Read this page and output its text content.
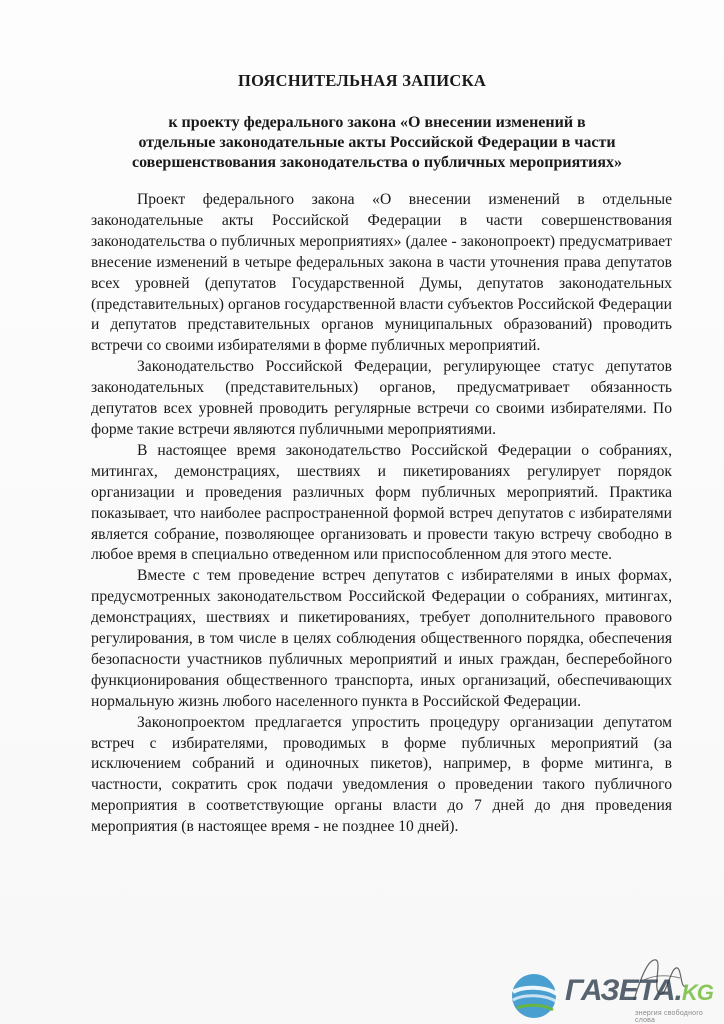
ПОЯСНИТЕЛЬНАЯ ЗАПИСКА
к проекту федерального закона «О внесении изменений в
отдельные законодательные акты Российской Федерации в части
совершенствования законодательства о публичных мероприятиях»

Проект федерального закона «О внесении изменений в отдельные законодательные акты Российской Федерации в части совершенствования законодательства о публичных мероприятиях» (далее - законопроект) предусматривает внесение изменений в четыре федеральных закона в части уточнения права депутатов всех уровней (депутатов Государственной Думы, депутатов законодательных (представительных) органов государственной власти субъектов Российской Федерации и депутатов представительных органов муниципальных образований) проводить встречи со своими избирателями в форме публичных мероприятий.

Законодательство Российской Федерации, регулирующее статус депутатов законодательных (представительных) органов, предусматривает обязанность депутатов всех уровней проводить регулярные встречи со своими избирателями. По форме такие встречи являются публичными мероприятиями.

В настоящее время законодательство Российской Федерации о собраниях, митингах, демонстрациях, шествиях и пикетированиях регулирует порядок организации и проведения различных форм публичных мероприятий. Практика показывает, что наиболее распространенной формой встреч депутатов с избирателями является собрание, позволяющее организовать и провести такую встречу свободно в любое время в специально отведенном или приспособленном для этого месте.

Вместе с тем проведение встреч депутатов с избирателями в иных формах, предусмотренных законодательством Российской Федерации о собраниях, митингах, демонстрациях, шествиях и пикетированиях, требует дополнительного правового регулирования, в том числе в целях соблюдения общественного порядка, обеспечения безопасности участников публичных мероприятий и иных граждан, бесперебойного функционирования общественного транспорта, иных организаций, обеспечивающих нормальную жизнь любого населенного пункта в Российской Федерации.

Законопроектом предлагается упростить процедуру организации депутатом встреч с избирателями, проводимых в форме публичных мероприятий (за исключением собраний и одиночных пикетов), например, в форме митинга, в частности, сократить срок подачи уведомления о проведении такого публичного мероприятия в соответствующие органы власти до 7 дней до дня проведения мероприятия (в настоящее время - не позднее 10 дней).

ГАЗЕТА.KG
энергия свободного слова
